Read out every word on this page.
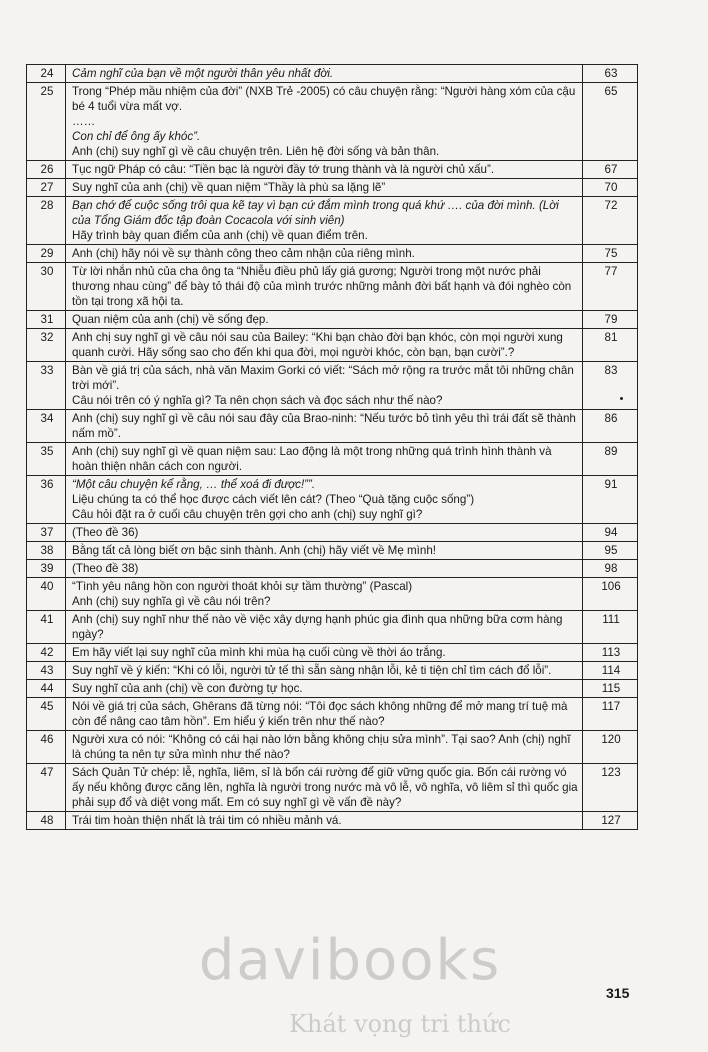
24	Cảm nghĩ của bạn về một người thân yêu nhất đời.	63
25	Trong “Phép mầu nhiệm của đời” (NXB Trẻ -2005) có câu chuyện rằng: “Người hàng xóm của cậu bé 4 tuổi vừa mất vợ.
……
Con chỉ để ông ấy khóc”.
Anh (chị) suy nghĩ gì về câu chuyện trên. Liên hệ đời sống và bản thân.	65
26	Tục ngữ Pháp có câu: “Tiền bạc là người đầy tớ trung thành và là người chủ xấu”.	67
27	Suy nghĩ của anh (chị) về quan niệm “Thầy là phù sa lặng lẽ”	70
28	Bạn chớ để cuộc sống trôi qua kẽ tay vì bạn cứ đắm mình trong quá khứ …. của đời mình. (Lời của Tổng Giám đốc tập đoàn Cocacola với sinh viên)
Hãy trình bày quan điểm của anh (chị) về quan điểm trên.	72
29	Anh (chị) hãy nói về sự thành công theo cảm nhận của riêng mình.	75
30	Từ lời nhắn nhủ của cha ông ta “Nhiễu điều phủ lấy giá gương; Người trong một nước phải thương nhau cùng” để bày tỏ thái độ của mình trước những mảnh đời bất hạnh và đói nghèo còn tồn tại trong xã hội ta.	77
31	Quan niệm của anh (chị) về sống đẹp.	79
32	Anh chị suy nghĩ gì về câu nói sau của Bailey: “Khi bạn chào đời bạn khóc, còn mọi người xung quanh cười. Hãy sống sao cho đến khi qua đời, mọi người khóc, còn bạn, bạn cười”.?	81
33	Bàn về giá trị của sách, nhà văn Maxim Gorki có viết: “Sách mở rộng ra trước mắt tôi những chân trời mới”.
Câu nói trên có ý nghĩa gì? Ta nên chọn sách và đọc sách như thế nào?	83
34	Anh (chị) suy nghĩ gì về câu nói sau đây của Brao-ninh: “Nếu tước bỏ tình yêu thì trái đất sẽ thành nấm mồ”.	86
35	Anh (chị) suy nghĩ gì về quan niệm sau: Lao động là một trong những quá trình hình thành và hoàn thiện nhân cách con người.	89
36	“Một câu chuyện kể rằng, … thể xoá đi được!””.
Liệu chúng ta có thể học được cách viết lên cát? (Theo “Quà tặng cuộc sống”)
Câu hỏi đặt ra ở cuối câu chuyện trên gợi cho anh (chị) suy nghĩ gì?	91
37	(Theo đề 36)	94
38	Bằng tất cả lòng biết ơn bậc sinh thành. Anh (chị) hãy viết về Mẹ mình!	95
39	(Theo đề 38)	98
40	“Tình yêu nâng hồn con người thoát khỏi sự tầm thường” (Pascal)
Anh (chị) suy nghĩa gì về câu nói trên?	106
41	Anh (chị) suy nghĩ như thế nào về việc xây dựng hạnh phúc gia đình qua những bữa cơm hàng ngày?	111
42	Em hãy viết lại suy nghĩ của mình khi mùa hạ cuối cùng về thời áo trắng.	113
43	Suy nghĩ về ý kiến: “Khi có lỗi, người tử tế thì sẵn sàng nhận lỗi, kẻ ti tiện chỉ tìm cách đổ lỗi”.	114
44	Suy nghĩ của anh (chị) về con đường tự học.	115
45	Nói về giá trị của sách, Ghêrans đã từng nói: “Tôi đọc sách không những để mở mang trí tuệ mà còn để nâng cao tâm hồn”. Em hiểu ý kiến trên như thế nào?	117
46	Người xưa có nói: “Không có cái hại nào lớn bằng không chịu sửa mình”. Tại sao? Anh (chị) nghĩ là chúng ta nên tự sửa mình như thế nào?	120
47	Sách Quản Tử chép: lễ, nghĩa, liêm, sỉ là bốn cái rường để giữ vững quốc gia. Bốn cái rường vó ấy nếu không được căng lên, nghĩa là người trong nước mà vô lễ, vô nghĩa, vô liêm sỉ thì quốc gia phải sụp đổ và diệt vong mất. Em có suy nghĩ gì về vấn đề này?	123
48	Trái tim hoàn thiện nhất là trái tim có nhiều mảnh vá.	127
315
davibooks
Khát vọng tri thức
